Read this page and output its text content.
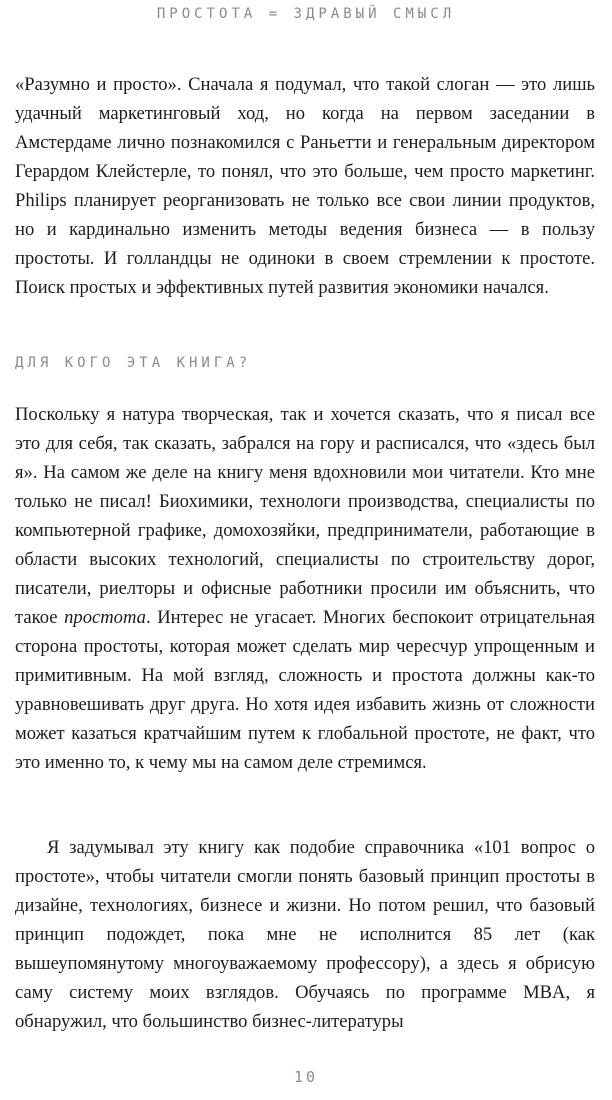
ПРОСТОТА = ЗДРАВЫЙ СМЫСЛ

«Разумно и просто». Сначала я подумал, что такой слоган — это лишь удачный маркетинговый ход, но когда на первом заседании в Амстердаме лично познакомился с Раньетти и генеральным директором Герардом Клейстерле, то понял, что это больше, чем просто маркетинг. Philips планирует реорганизовать не только все свои линии продуктов, но и кардинально изменить методы ведения бизнеса — в пользу простоты. И голландцы не одиноки в своем стремлении к простоте. Поиск простых и эффективных путей развития экономики начался.

ДЛЯ КОГО ЭТА КНИГА?

Поскольку я натура творческая, так и хочется сказать, что я писал все это для себя, так сказать, забрался на гору и расписался, что «здесь был я». На самом же деле на книгу меня вдохновили мои читатели. Кто мне только не писал! Биохимики, технологи производства, специалисты по компьютерной графике, домохозяйки, предприниматели, работающие в области высоких технологий, специалисты по строительству дорог, писатели, риелторы и офисные работники просили им объяснить, что такое простота. Интерес не угасает. Многих беспокоит отрицательная сторона простоты, которая может сделать мир чересчур упрощенным и примитивным. На мой взгляд, сложность и простота должны как-то уравновешивать друг друга. Но хотя идея избавить жизнь от сложности может казаться кратчайшим путем к глобальной простоте, не факт, что это именно то, к чему мы на самом деле стремимся.

Я задумывал эту книгу как подобие справочника «101 вопрос о простоте», чтобы читатели смогли понять базовый принцип простоты в дизайне, технологиях, бизнесе и жизни. Но потом решил, что базовый принцип подождет, пока мне не исполнится 85 лет (как вышеупомянутому многоуважаемому профессору), а здесь я обрисую саму систему моих взглядов. Обучаясь по программе MBA, я обнаружил, что большинство бизнес-литературы

10
